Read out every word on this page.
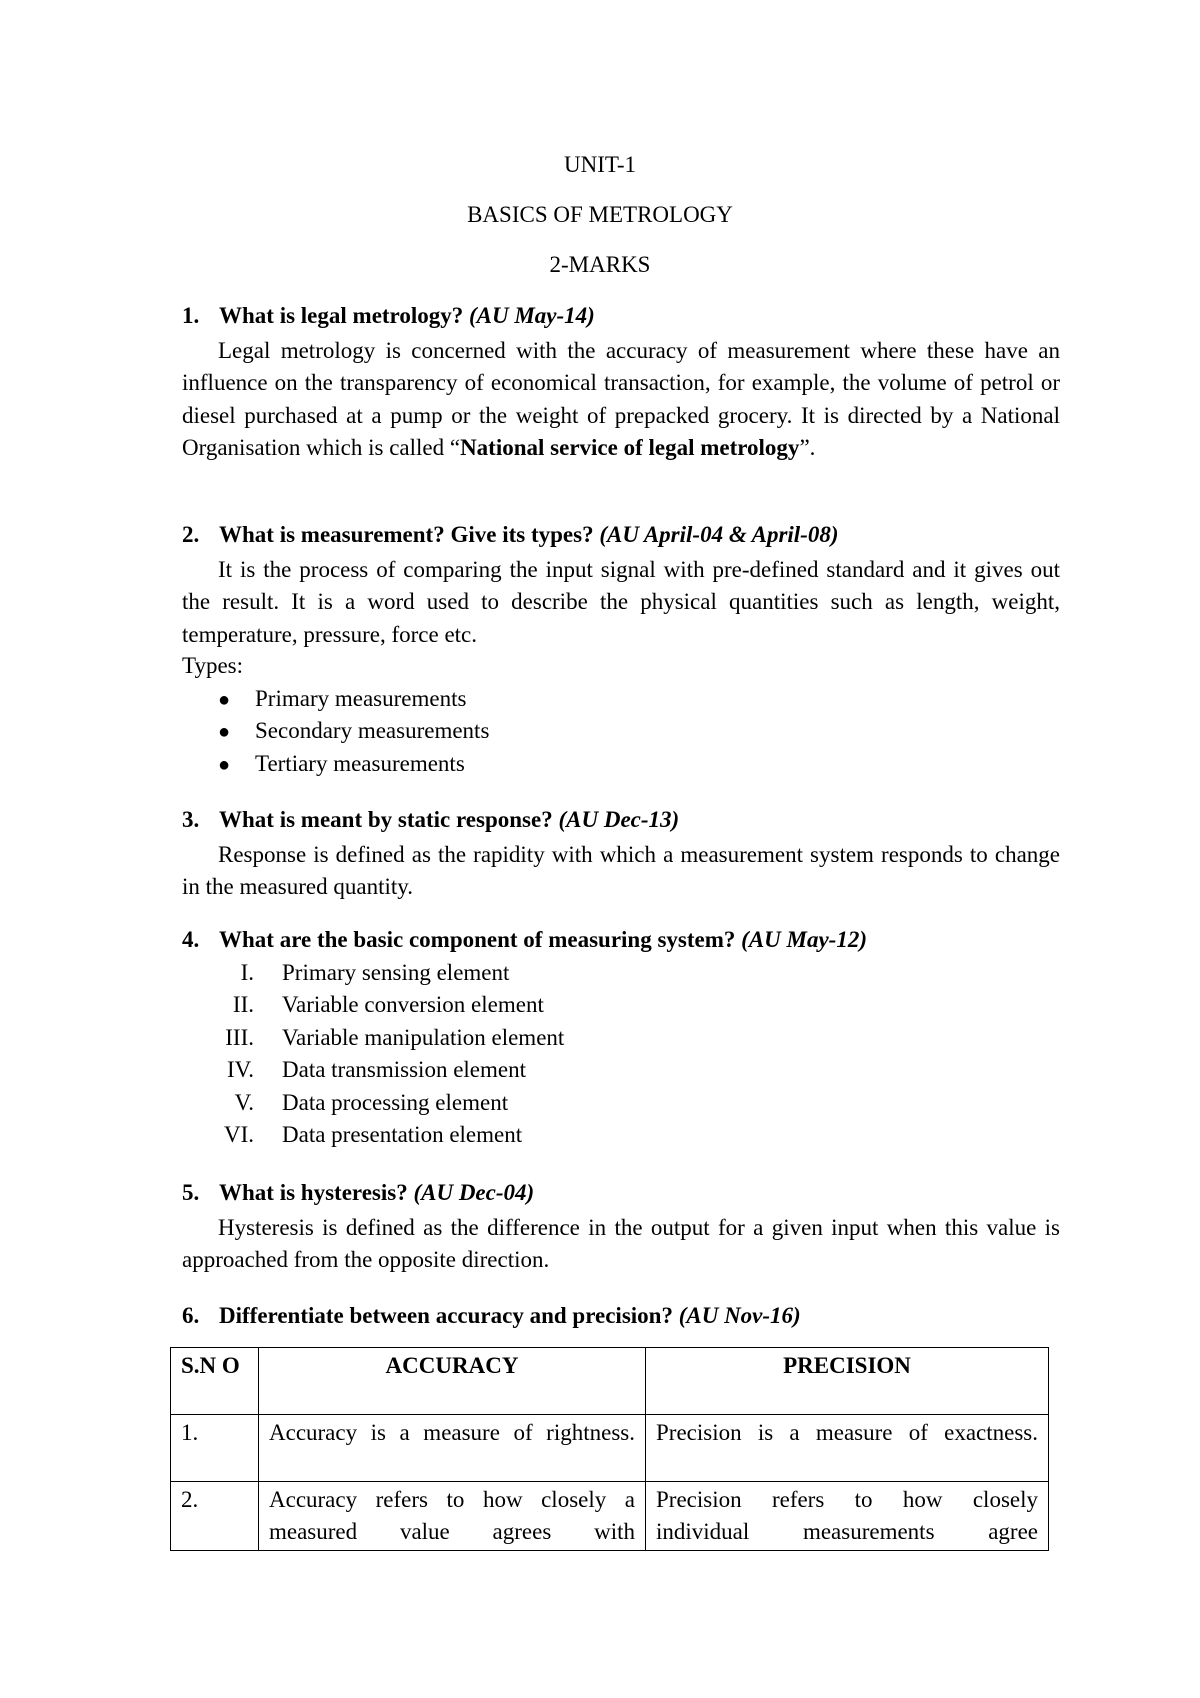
UNIT-1
BASICS OF METROLOGY
2-MARKS
1. What is legal metrology? (AU May-14)
Legal metrology is concerned with the accuracy of measurement where these have an influence on the transparency of economical transaction, for example, the volume of petrol or diesel purchased at a pump or the weight of prepacked grocery. It is directed by a National Organisation which is called “National service of legal metrology”.
2. What is measurement? Give its types? (AU April-04 & April-08)
It is the process of comparing the input signal with pre-defined standard and it gives out the result. It is a word used to describe the physical quantities such as length, weight, temperature, pressure, force etc.
Types:
● Primary measurements
● Secondary measurements
● Tertiary measurements
3. What is meant by static response? (AU Dec-13)
Response is defined as the rapidity with which a measurement system responds to change in the measured quantity.
4. What are the basic component of measuring system? (AU May-12)
I. Primary sensing element
II. Variable conversion element
III. Variable manipulation element
IV. Data transmission element
V. Data processing element
VI. Data presentation element
5. What is hysteresis? (AU Dec-04)
Hysteresis is defined as the difference in the output for a given input when this value is approached from the opposite direction.
6. Differentiate between accuracy and precision? (AU Nov-16)
S.N O	ACCURACY	PRECISION
1.	Accuracy is a measure of rightness.	Precision is a measure of exactness.
2.	Accuracy refers to how closely a measured value agrees with	Precision refers to how closely individual measurements agree
